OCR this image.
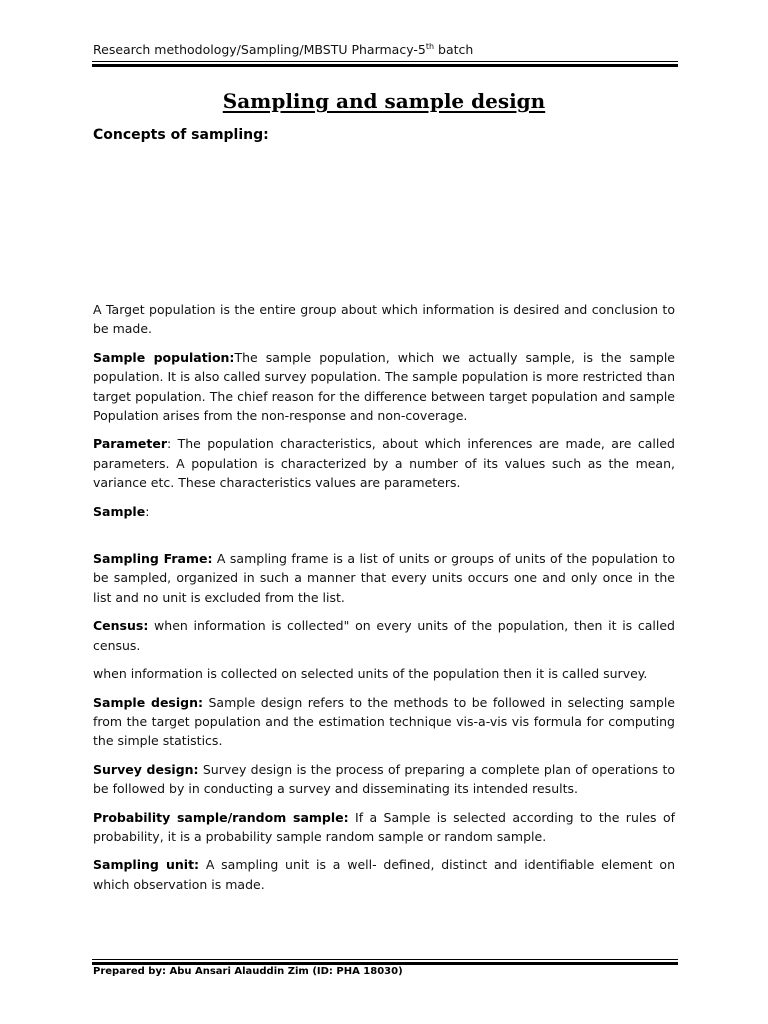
Research methodology/Sampling/MBSTU Pharmacy-5th batch
Sampling and sample design
Concepts of sampling:

A Target population is the entire group about which information is desired and conclusion to be made.

Sample population:The sample population, which we actually sample, is the sample population. It is also called survey population. The sample population is more restricted than target population. The chief reason for the difference between target population and sample Population arises from the non-response and non-coverage.

Parameter: The population characteristics, about which inferences are made, are called parameters. A population is characterized by a number of its values such as the mean, variance etc. These characteristics values are parameters.

Sample:

Sampling Frame: A sampling frame is a list of units or groups of units of the population to be sampled, organized in such a manner that every units occurs one and only once in the list and no unit is excluded from the list.

Census: when information is collected" on every units of the population, then it is called census.

when information is collected on selected units of the population then it is called survey.

Sample design: Sample design refers to the methods to be followed in selecting sample from the target population and the estimation technique vis-a-vis vis formula for computing the simple statistics.

Survey design: Survey design is the process of preparing a complete plan of operations to be followed by in conducting a survey and disseminating its intended results.

Probability sample/random sample: If a Sample is selected according to the rules of probability, it is a probability sample random sample or random sample.

Sampling unit: A sampling unit is a well- defined, distinct and identifiable element on which observation is made.

Prepared by: Abu Ansari Alauddin Zim (ID: PHA 18030)
